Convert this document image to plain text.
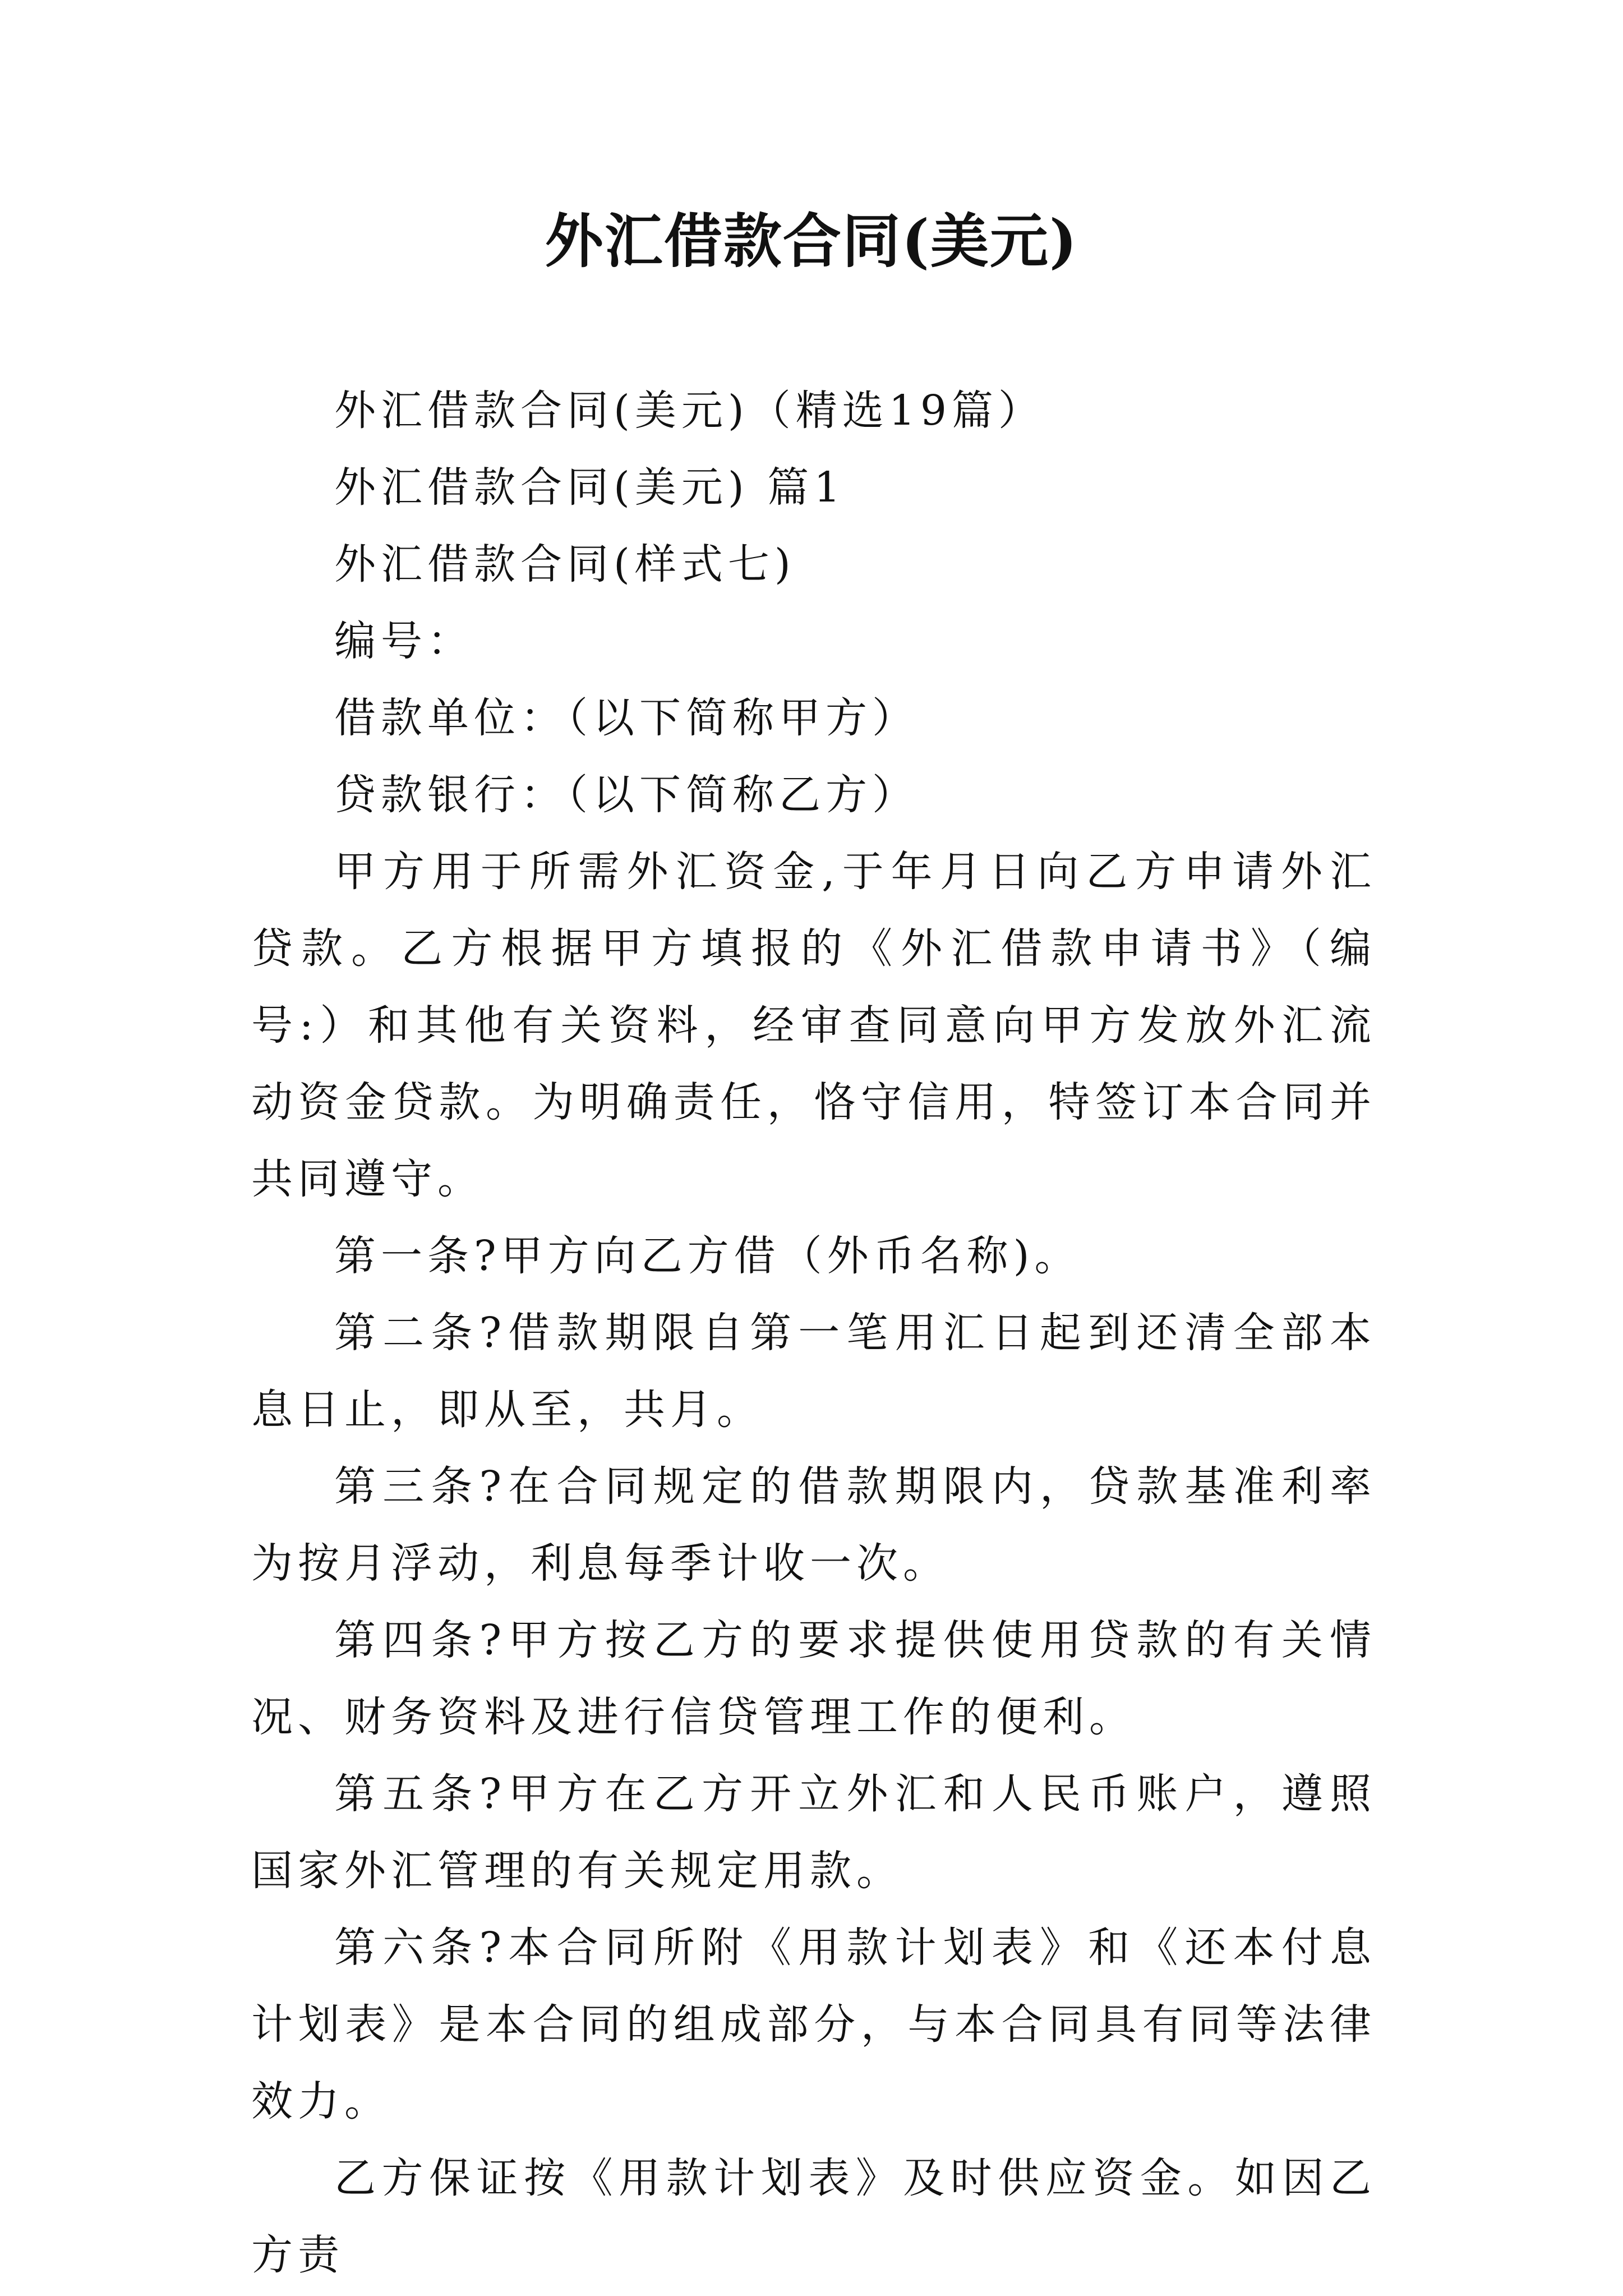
外汇借款合同(美元)

外汇借款合同(美元)（精选19篇）

外汇借款合同(美元) 篇1

外汇借款合同(样式七)

编号：

借款单位：（以下简称甲方）

贷款银行：（以下简称乙方）

甲方用于所需外汇资金,于年月日向乙方申请外汇贷款。乙方根据甲方填报的《外汇借款申请书》（编号:）和其他有关资料，经审查同意向甲方发放外汇流动资金贷款。为明确责任，恪守信用，特签订本合同并共同遵守。

第一条?甲方向乙方借（外币名称)。

第二条?借款期限自第一笔用汇日起到还清全部本息日止，即从至，共月。

第三条?在合同规定的借款期限内，贷款基准利率为按月浮动，利息每季计收一次。

第四条?甲方按乙方的要求提供使用贷款的有关情况、财务资料及进行信贷管理工作的便利。

第五条?甲方在乙方开立外汇和人民币账户，遵照国家外汇管理的有关规定用款。

第六条?本合同所附《用款计划表》和《还本付息计划表》是本合同的组成部分，与本合同具有同等法律效力。

乙方保证按《用款计划表》及时供应资金。如因乙方责
